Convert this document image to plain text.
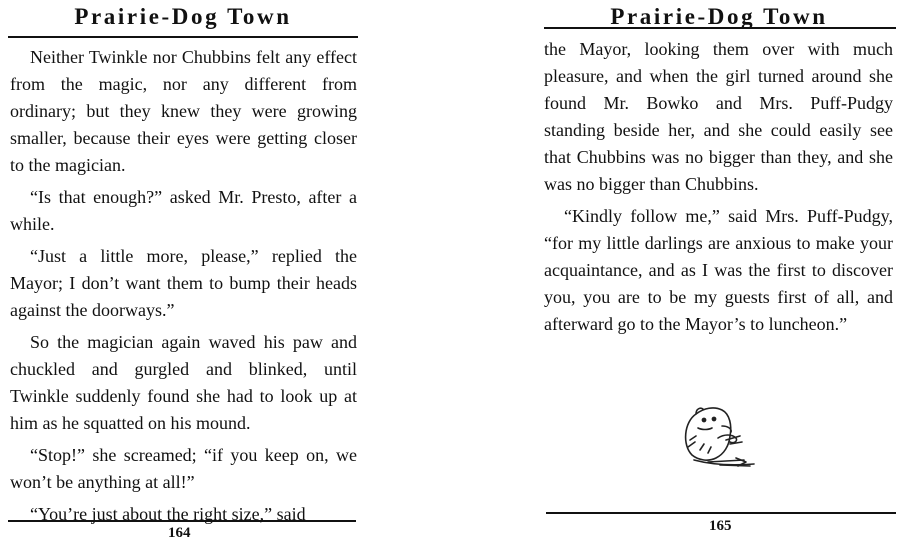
Prairie-Dog Town

Neither Twinkle nor Chubbins felt any effect from the magic, nor any different from ordinary; but they knew they were growing smaller, because their eyes were getting closer to the magician.

“Is that enough?” asked Mr. Presto, after a while.

“Just a little more, please,” replied the Mayor; I don’t want them to bump their heads against the doorways.”

So the magician again waved his paw and chuckled and gurgled and blinked, until Twinkle suddenly found she had to look up at him as he squatted on his mound.

“Stop!” she screamed; “if you keep on, we won’t be anything at all!”

“You’re just about the right size,” said

164
Prairie-Dog Town

the Mayor, looking them over with much pleasure, and when the girl turned around she found Mr. Bowko and Mrs. Puff-Pudgy standing beside her, and she could easily see that Chubbins was no bigger than they, and she was no bigger than Chubbins.

“Kindly follow me,” said Mrs. Puff-Pudgy, “for my little darlings are anxious to make your acquaintance, and as I was the first to discover you, you are to be my guests first of all, and afterward go to the Mayor’s to luncheon.”

165
